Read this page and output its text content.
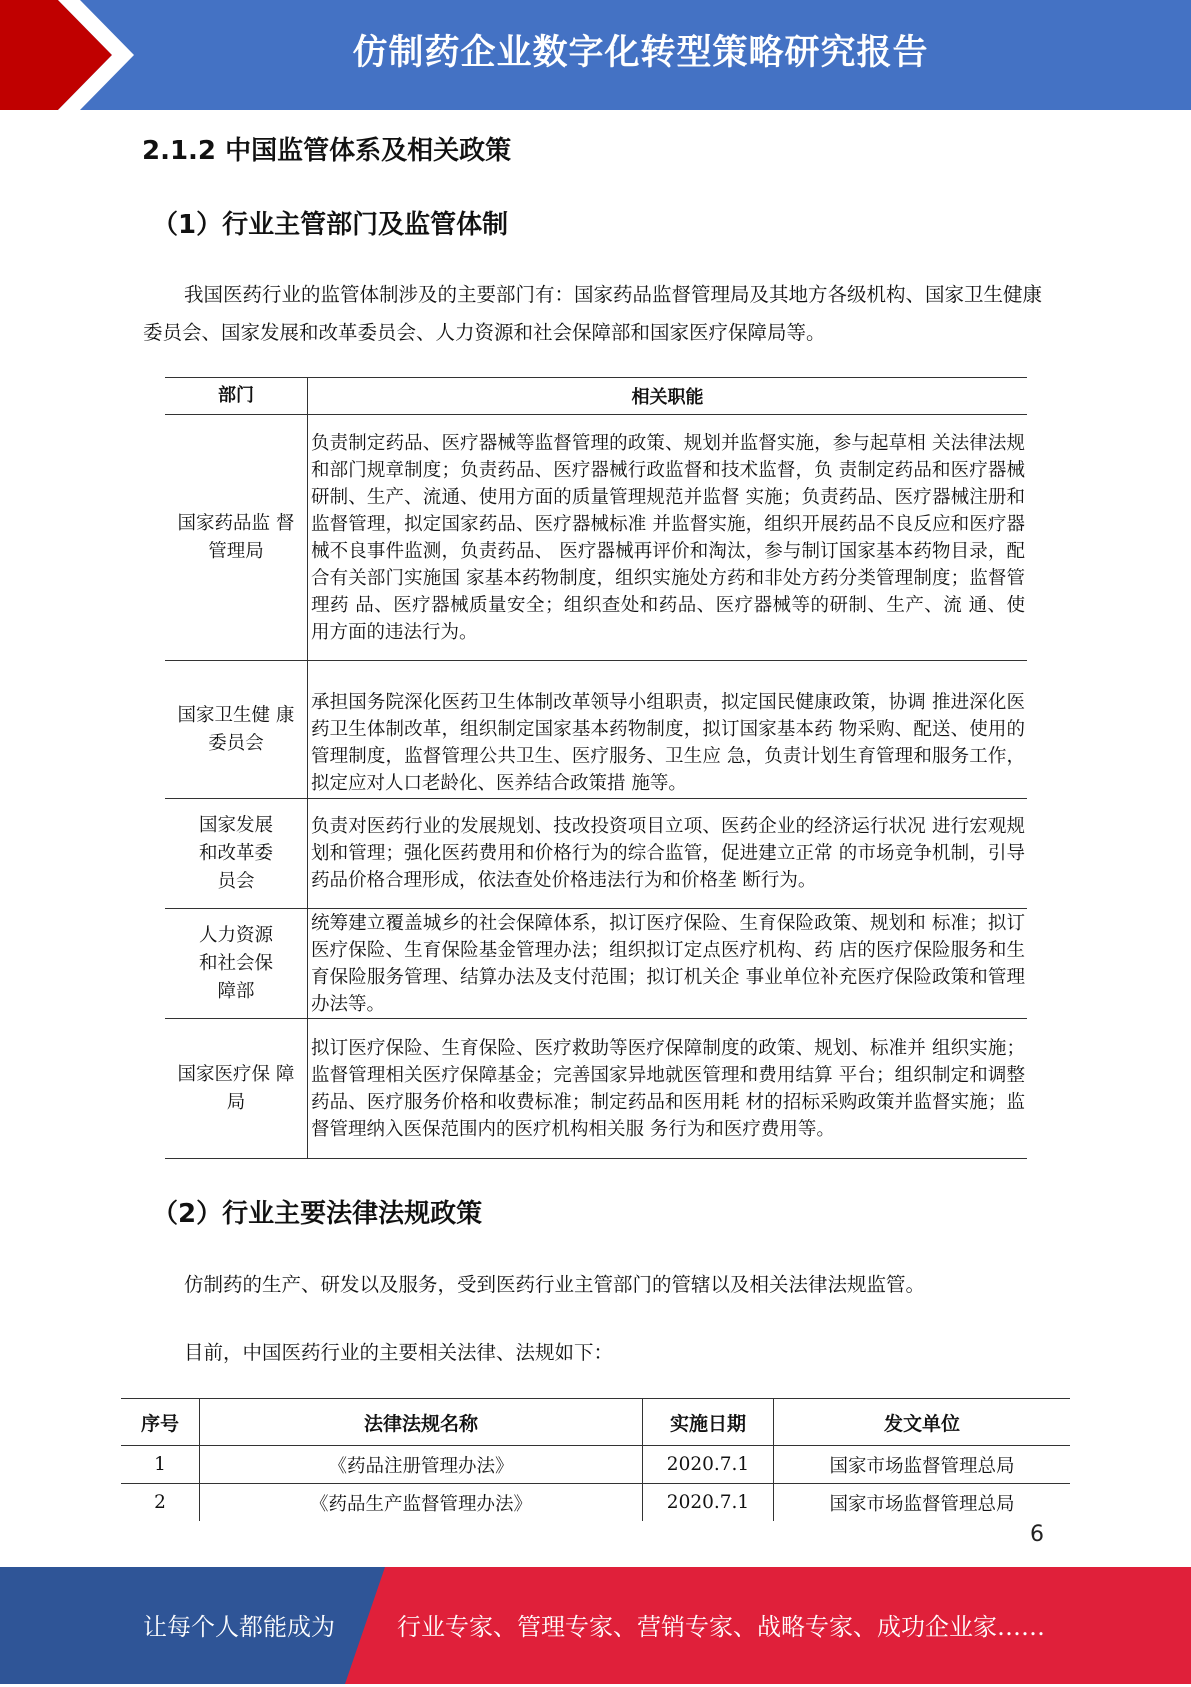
仿制药企业数字化转型策略研究报告
2.1.2 中国监管体系及相关政策
（1）行业主管部门及监管体制

我国医药行业的监管体制涉及的主要部门有：国家药品监督管理局及其地方各级机构、国家卫生健康委员会、国家发展和改革委员会、人力资源和社会保障部和国家医疗保障局等。

部门	相关职能
国家药品监 督管理局	负责制定药品、医疗器械等监督管理的政策、规划并监督实施，参与起草相 关法律法规和部门规章制度；负责药品、医疗器械行政监督和技术监督，负 责制定药品和医疗器械研制、生产、流通、使用方面的质量管理规范并监督 实施；负责药品、医疗器械注册和监督管理，拟定国家药品、医疗器械标准 并监督实施，组织开展药品不良反应和医疗器械不良事件监测，负责药品、 医疗器械再评价和淘汰，参与制订国家基本药物目录，配合有关部门实施国 家基本药物制度，组织实施处方药和非处方药分类管理制度；监督管理药 品、医疗器械质量安全；组织查处和药品、医疗器械等的研制、生产、流 通、使用方面的违法行为。
国家卫生健 康委员会	承担国务院深化医药卫生体制改革领导小组职责，拟定国民健康政策，协调 推进深化医药卫生体制改革，组织制定国家基本药物制度，拟订国家基本药 物采购、配送、使用的管理制度，监督管理公共卫生、医疗服务、卫生应 急，负责计划生育管理和服务工作，拟定应对人口老龄化、医养结合政策措 施等。
国家发展和改革委员会	负责对医药行业的发展规划、技改投资项目立项、医药企业的经济运行状况 进行宏观规划和管理；强化医药费用和价格行为的综合监管，促进建立正常 的市场竞争机制，引导药品价格合理形成，依法查处价格违法行为和价格垄 断行为。
人力资源和社会保障部	统筹建立覆盖城乡的社会保障体系，拟订医疗保险、生育保险政策、规划和 标准；拟订医疗保险、生育保险基金管理办法；组织拟订定点医疗机构、药 店的医疗保险服务和生育保险服务管理、结算办法及支付范围；拟订机关企 事业单位补充医疗保险政策和管理办法等。
国家医疗保 障局	拟订医疗保险、生育保险、医疗救助等医疗保障制度的政策、规划、标准并 组织实施；监督管理相关医疗保障基金；完善国家异地就医管理和费用结算 平台；组织制定和调整药品、医疗服务价格和收费标准；制定药品和医用耗 材的招标采购政策并监督实施；监督管理纳入医保范围内的医疗机构相关服 务行为和医疗费用等。
（2）行业主要法律法规政策

仿制药的生产、研发以及服务，受到医药行业主管部门的管辖以及相关法律法规监管。

目前，中国医药行业的主要相关法律、法规如下：

序号	法律法规名称	实施日期	发文单位
1	《药品注册管理办法》	2020.7.1	国家市场监督管理总局
2	《药品生产监督管理办法》	2020.7.1	国家市场监督管理总局
6
让每个人都能成为	行业专家、管理专家、营销专家、战略专家、成功企业家……
